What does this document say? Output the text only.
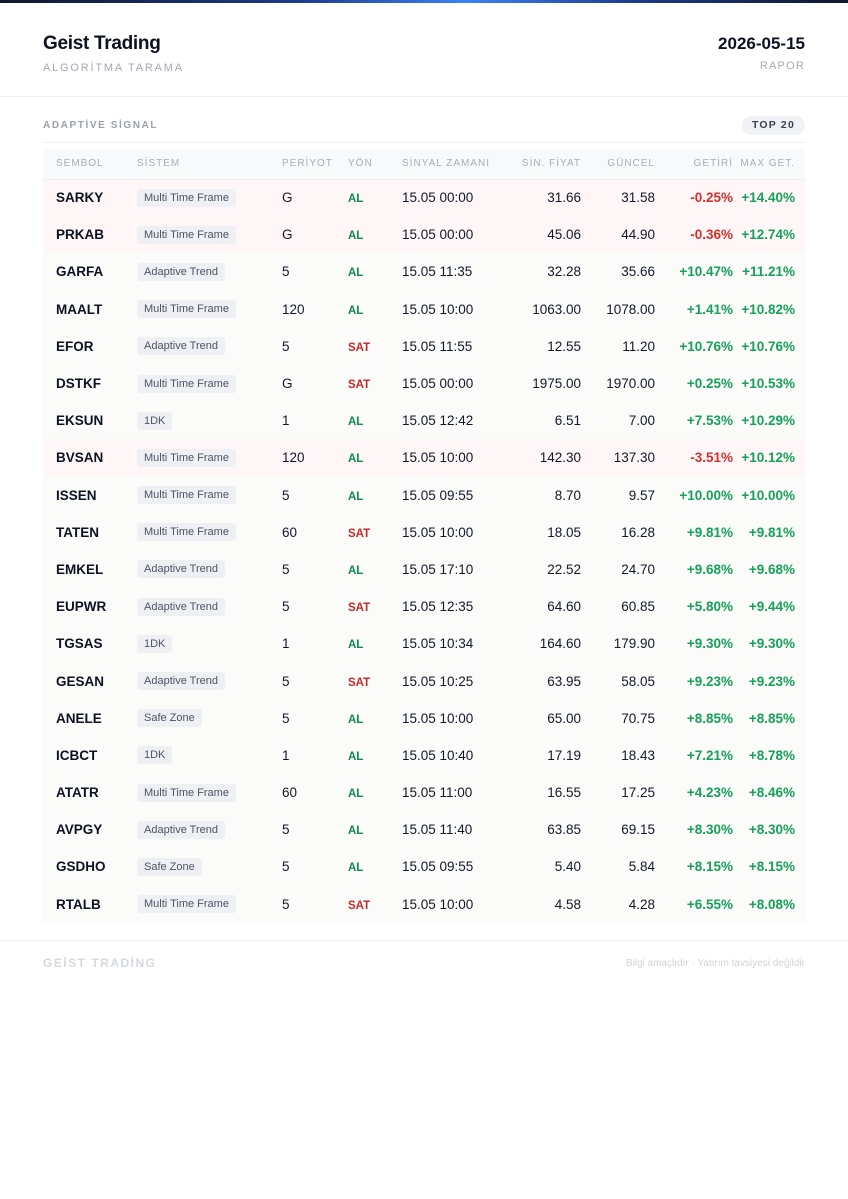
Geist Trading
ALGORİTMA TARAMA
2026-05-15
RAPOR
ADAPTİVE SİGNAL	TOP 20
SEMBOL	SİSTEM	PERİYOT	YÖN	SİNYAL ZAMANI	SİN. FİYAT	GÜNCEL	GETİRİ	MAX GET.
SARKY	Multi Time Frame	G	AL	15.05 00:00	31.66	31.58	-0.25%	+14.40%
PRKAB	Multi Time Frame	G	AL	15.05 00:00	45.06	44.90	-0.36%	+12.74%
GARFA	Adaptive Trend	5	AL	15.05 11:35	32.28	35.66	+10.47%	+11.21%
MAALT	Multi Time Frame	120	AL	15.05 10:00	1063.00	1078.00	+1.41%	+10.82%
EFOR	Adaptive Trend	5	SAT	15.05 11:55	12.55	11.20	+10.76%	+10.76%
DSTKF	Multi Time Frame	G	SAT	15.05 00:00	1975.00	1970.00	+0.25%	+10.53%
EKSUN	1DK	1	AL	15.05 12:42	6.51	7.00	+7.53%	+10.29%
BVSAN	Multi Time Frame	120	AL	15.05 10:00	142.30	137.30	-3.51%	+10.12%
ISSEN	Multi Time Frame	5	AL	15.05 09:55	8.70	9.57	+10.00%	+10.00%
TATEN	Multi Time Frame	60	SAT	15.05 10:00	18.05	16.28	+9.81%	+9.81%
EMKEL	Adaptive Trend	5	AL	15.05 17:10	22.52	24.70	+9.68%	+9.68%
EUPWR	Adaptive Trend	5	SAT	15.05 12:35	64.60	60.85	+5.80%	+9.44%
TGSAS	1DK	1	AL	15.05 10:34	164.60	179.90	+9.30%	+9.30%
GESAN	Adaptive Trend	5	SAT	15.05 10:25	63.95	58.05	+9.23%	+9.23%
ANELE	Safe Zone	5	AL	15.05 10:00	65.00	70.75	+8.85%	+8.85%
ICBCT	1DK	1	AL	15.05 10:40	17.19	18.43	+7.21%	+8.78%
ATATR	Multi Time Frame	60	AL	15.05 11:00	16.55	17.25	+4.23%	+8.46%
AVPGY	Adaptive Trend	5	AL	15.05 11:40	63.85	69.15	+8.30%	+8.30%
GSDHO	Safe Zone	5	AL	15.05 09:55	5.40	5.84	+8.15%	+8.15%
RTALB	Multi Time Frame	5	SAT	15.05 10:00	4.58	4.28	+6.55%	+8.08%
GEİST TRADİNG	Bilgi amaçlıdır · Yatırım tavsiyesi değildir
